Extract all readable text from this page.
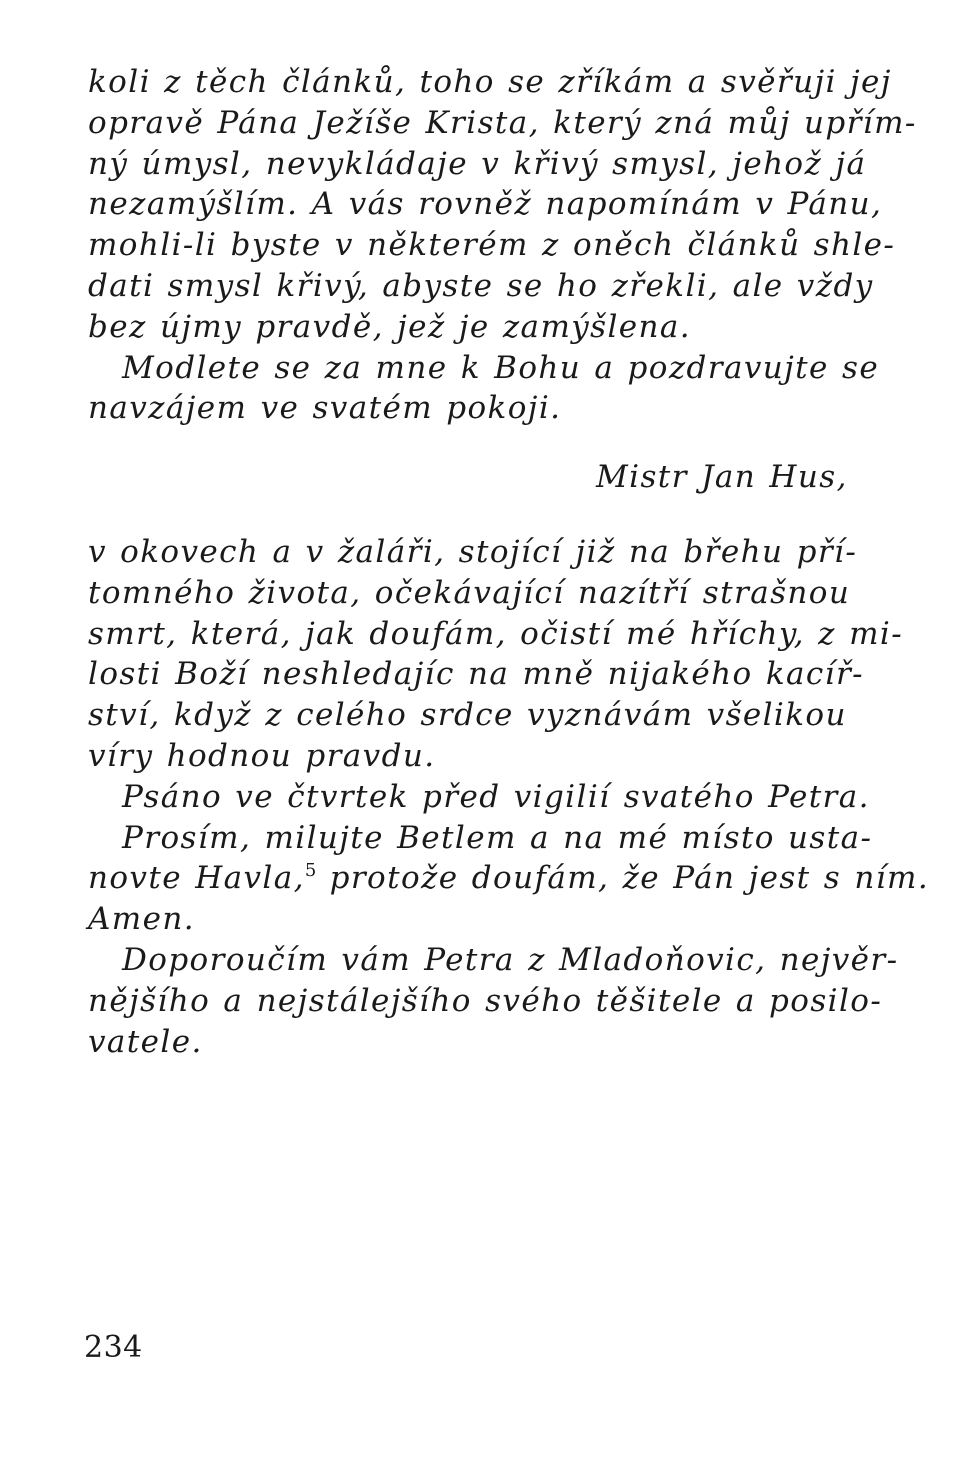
koli z těch článků, toho se zříkám a svěřuji jej
opravě Pána Ježíše Krista, který zná můj upřím-
ný úmysl, nevykládaje v křivý smysl, jehož já
nezamýšlím. A vás rovněž napomínám v Pánu,
mohli-li byste v některém z oněch článků shle-
dati smysl křivý, abyste se ho zřekli, ale vždy
bez újmy pravdě, jež je zamýšlena.
Modlete se za mne k Bohu a pozdravujte se
navzájem ve svatém pokoji.
Mistr Jan Hus,
v okovech a v žaláři, stojící již na břehu pří-
tomného života, očekávající nazítří strašnou
smrt, která, jak doufám, očistí mé hříchy, z mi-
losti Boží neshledajíc na mně nijakého kacíř-
ství, když z celého srdce vyznávám všelikou
víry hodnou pravdu.
Psáno ve čtvrtek před vigilií svatého Petra.
Prosím, milujte Betlem a na mé místo usta-
novte Havla,$^5$ protože doufám, že Pán jest s ním.
Amen.
Doporoučím vám Petra z Mladoňovic, nejvěr-
nějšího a nejstálejšího svého těšitele a posilo-
vatele.
234
